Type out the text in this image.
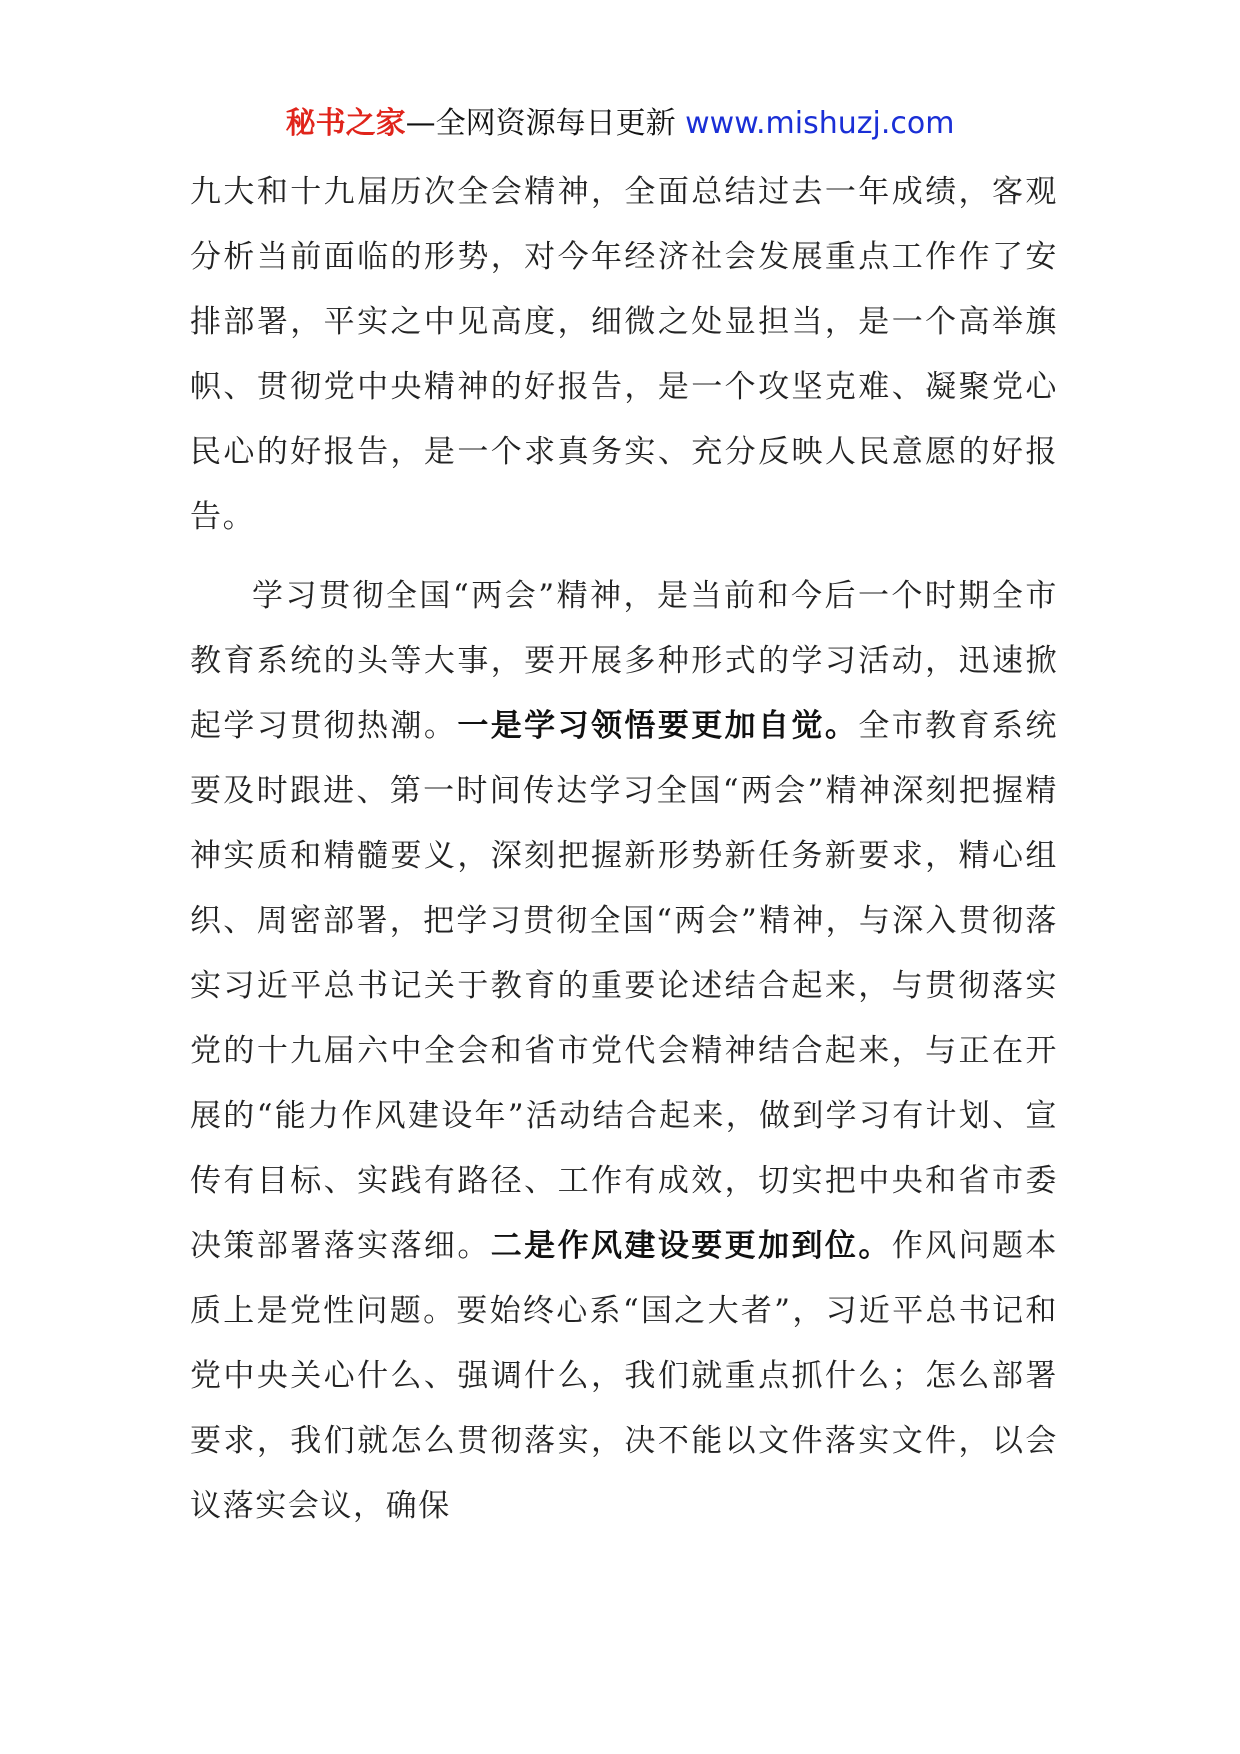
秘书之家—全网资源每日更新 www.mishuzj.com

九大和十九届历次全会精神，全面总结过去一年成绩，客观分析当前面临的形势，对今年经济社会发展重点工作作了安排部署，平实之中见高度，细微之处显担当，是一个高举旗帜、贯彻党中央精神的好报告，是一个攻坚克难、凝聚党心民心的好报告，是一个求真务实、充分反映人民意愿的好报告。

学习贯彻全国“两会”精神，是当前和今后一个时期全市教育系统的头等大事，要开展多种形式的学习活动，迅速掀起学习贯彻热潮。一是学习领悟要更加自觉。全市教育系统要及时跟进、第一时间传达学习全国“两会”精神深刻把握精神实质和精髓要义，深刻把握新形势新任务新要求，精心组织、周密部署，把学习贯彻全国“两会”精神，与深入贯彻落实习近平总书记关于教育的重要论述结合起来，与贯彻落实党的十九届六中全会和省市党代会精神结合起来，与正在开展的“能力作风建设年”活动结合起来，做到学习有计划、宣传有目标、实践有路径、工作有成效，切实把中央和省市委决策部署落实落细。二是作风建设要更加到位。作风问题本质上是党性问题。要始终心系“国之大者”，习近平总书记和党中央关心什么、强调什么，我们就重点抓什么；怎么部署要求，我们就怎么贯彻落实，决不能以文件落实文件，以会议落实会议，确保
